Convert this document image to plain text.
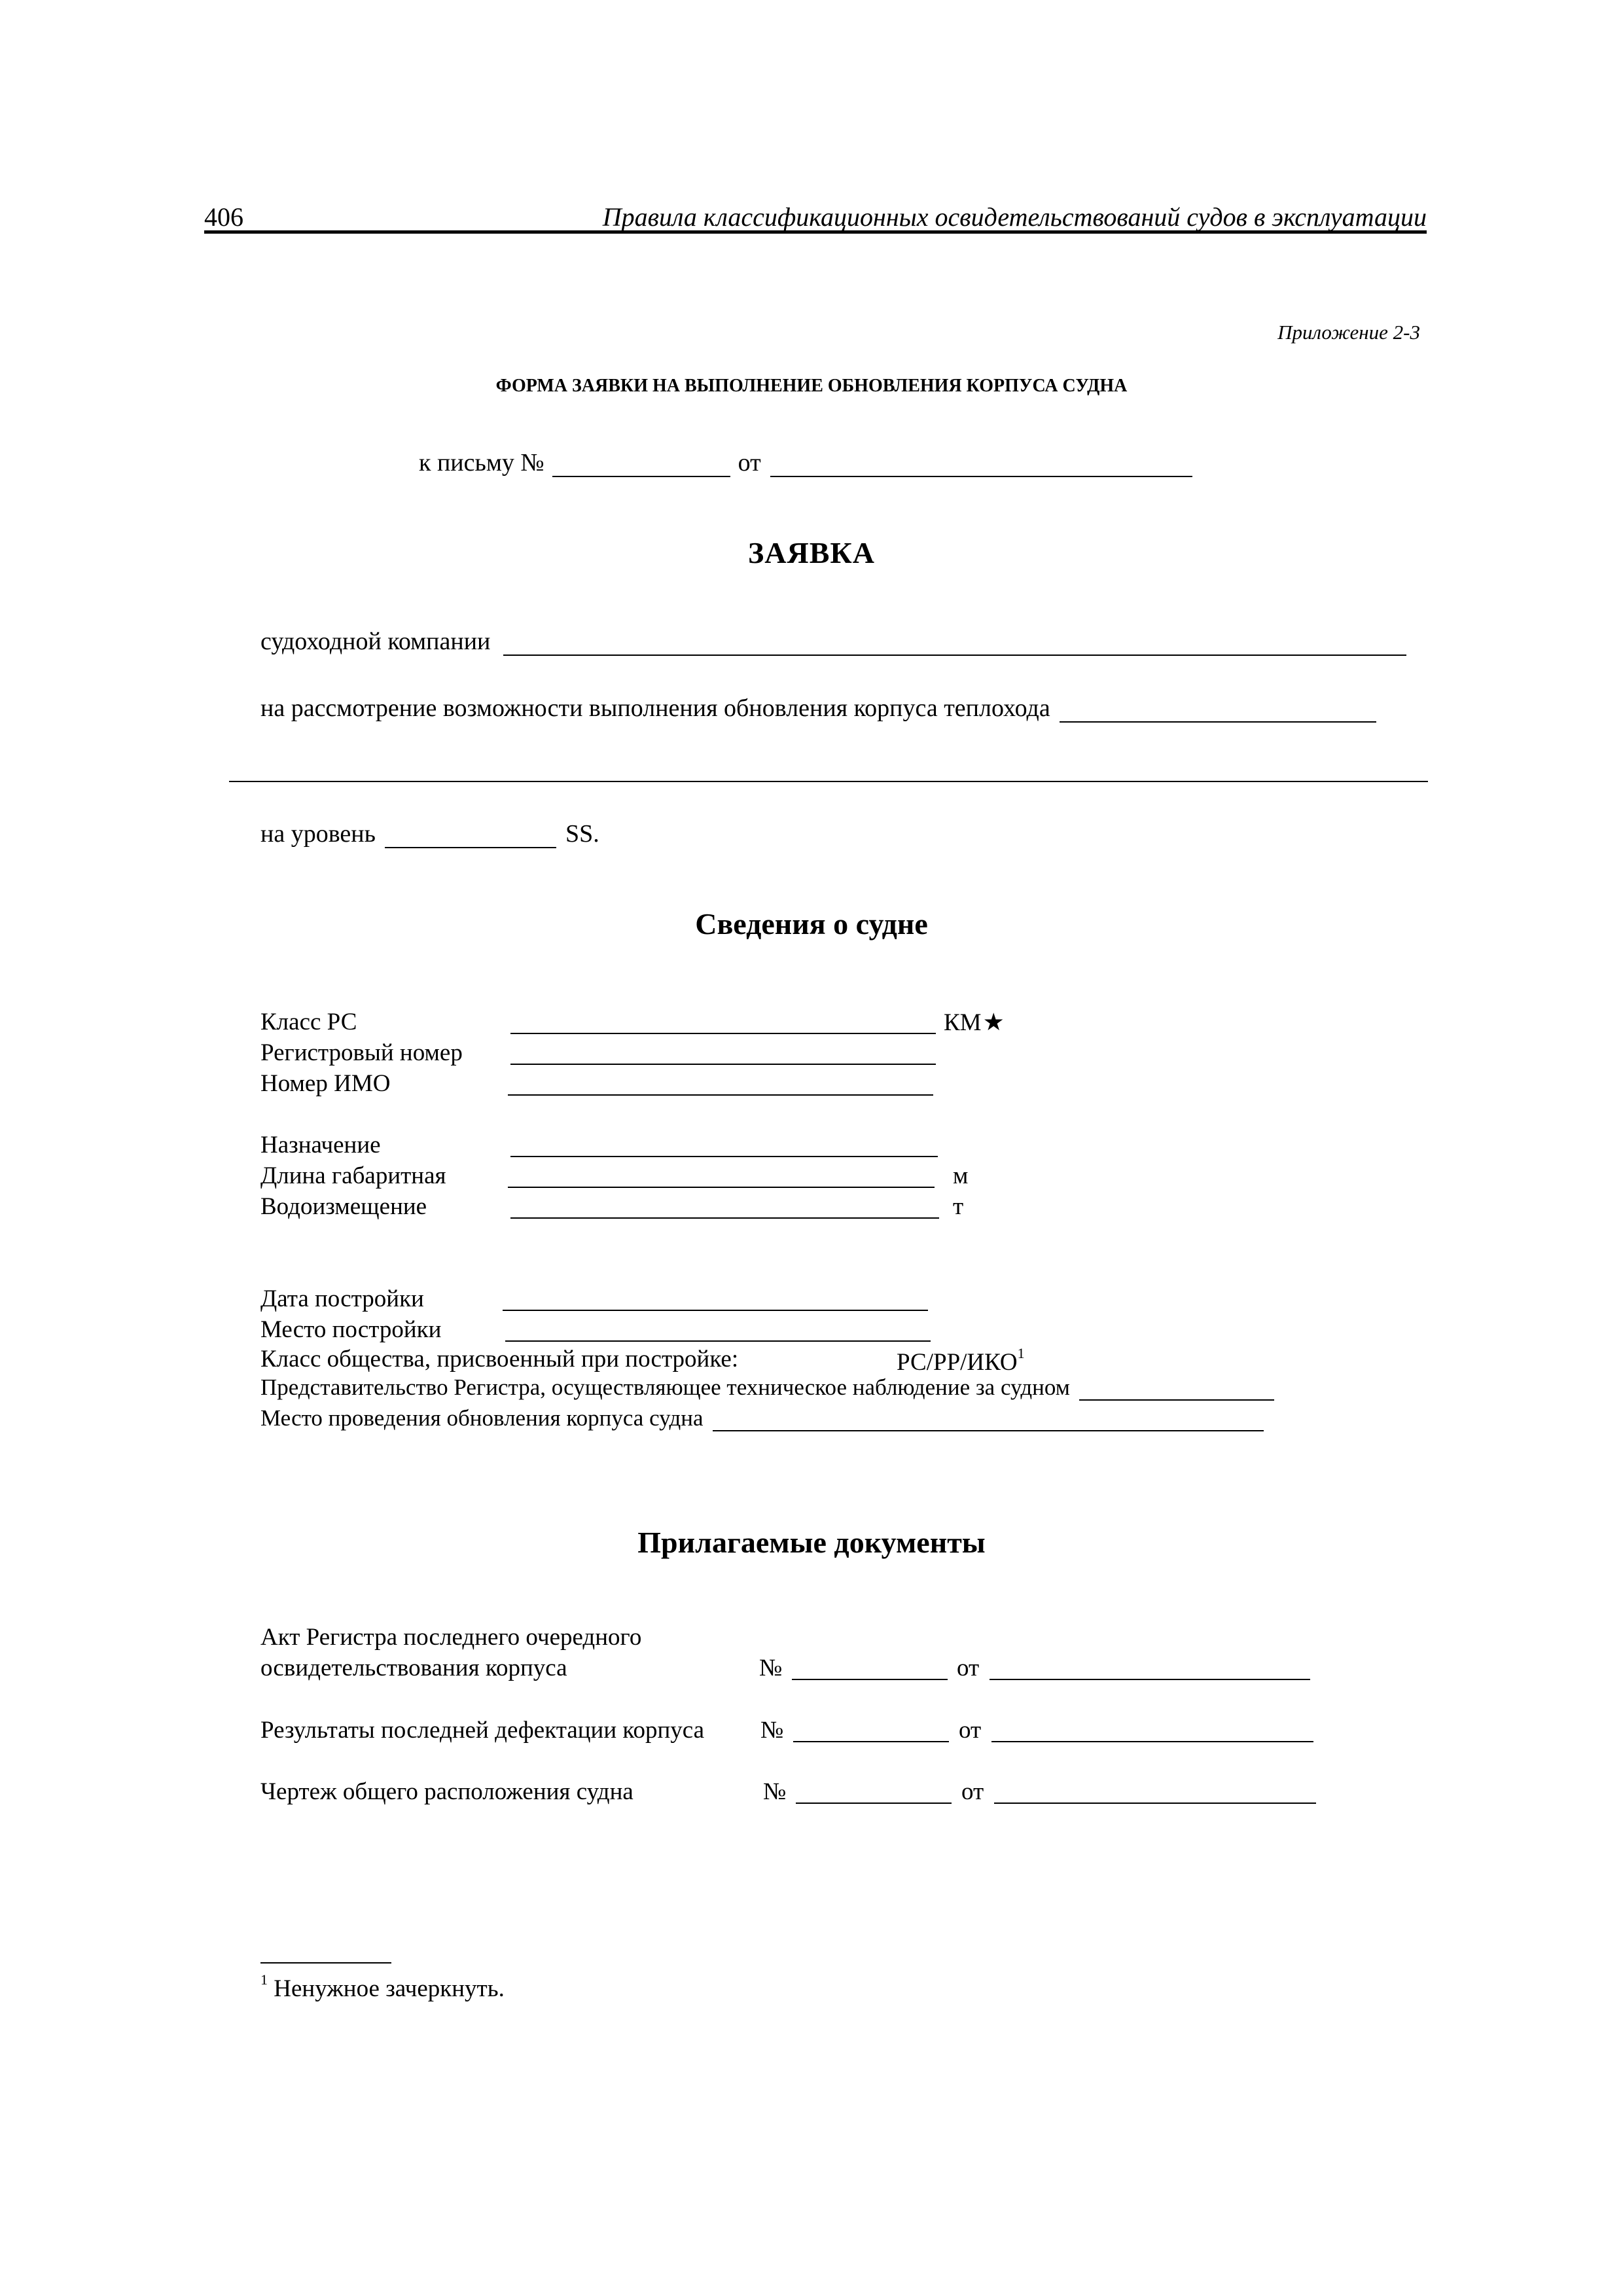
406	Правила классификационных освидетельствований судов в эксплуатации
Приложение 2-3
ФОРМА ЗАЯВКИ НА ВЫПОЛНЕНИЕ ОБНОВЛЕНИЯ КОРПУСА СУДНА
к письму №	от
ЗАЯВКА
судоходной компании
на рассмотрение возможности выполнения обновления корпуса теплохода
на уровень	SS.
Сведения о судне
Класс РС	КМ★
Регистровый номер
Номер ИМО
Назначение
Длина габаритная	м
Водоизмещение	т
Дата постройки
Место постройки
Класс общества, присвоенный при постройке:	РС/РР/ИКО$^1$
Представительство Регистра, осуществляющее техническое наблюдение за судном
Место проведения обновления корпуса судна
Прилагаемые документы
Акт Регистра последнего очередного
освидетельствования корпуса	№	от
Результаты последней дефектации корпуса №	от
Чертеж общего расположения судна	№	от
$^1$ Ненужное зачеркнуть.
